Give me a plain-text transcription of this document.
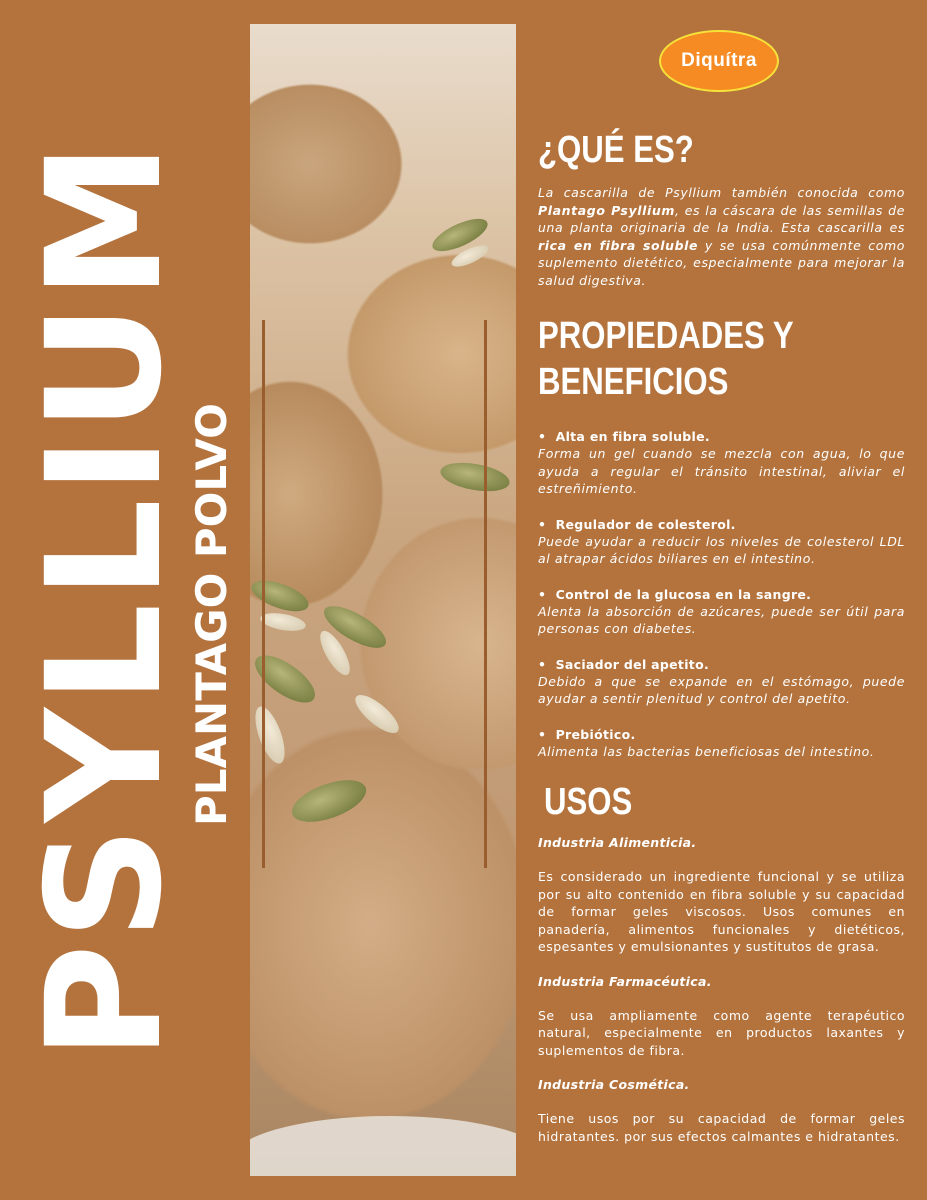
PSYLLIUM
PLANTAGO POLVO
Diquítra
¿QUÉ ES?

La cascarilla de Psyllium también conocida como Plantago Psyllium, es la cáscara de las semillas de una planta originaria de la India. Esta cascarilla es rica en fibra soluble y se usa comúnmente como suplemento dietético, especialmente para mejorar la salud digestiva.

PROPIEDADES Y
BENEFICIOS
•  Alta en fibra soluble.
Forma un gel cuando se mezcla con agua, lo que ayuda a regular el tránsito intestinal, aliviar el estreñimiento.
•  Regulador de colesterol.
Puede ayudar a reducir los niveles de colesterol LDL al atrapar ácidos biliares en el intestino.
•  Control de la glucosa en la sangre.
Alenta la absorción de azúcares, puede ser útil para personas con diabetes.
•  Saciador del apetito.
Debido a que se expande en el estómago, puede ayudar a sentir plenitud y control del apetito.
•  Prebiótico.
Alimenta las bacterias beneficiosas del intestino.
USOS
Industria Alimenticia.
Es considerado un ingrediente funcional y se utiliza por su alto contenido en fibra soluble y su capacidad de formar geles viscosos. Usos comunes en panadería, alimentos funcionales y dietéticos, espesantes y emulsionantes y sustitutos de grasa.
Industria Farmacéutica.
Se usa ampliamente como agente terapéutico natural, especialmente en productos laxantes y suplementos de fibra.
Industria Cosmética.
Tiene usos por su capacidad de formar geles hidratantes. por sus efectos calmantes e hidratantes.
